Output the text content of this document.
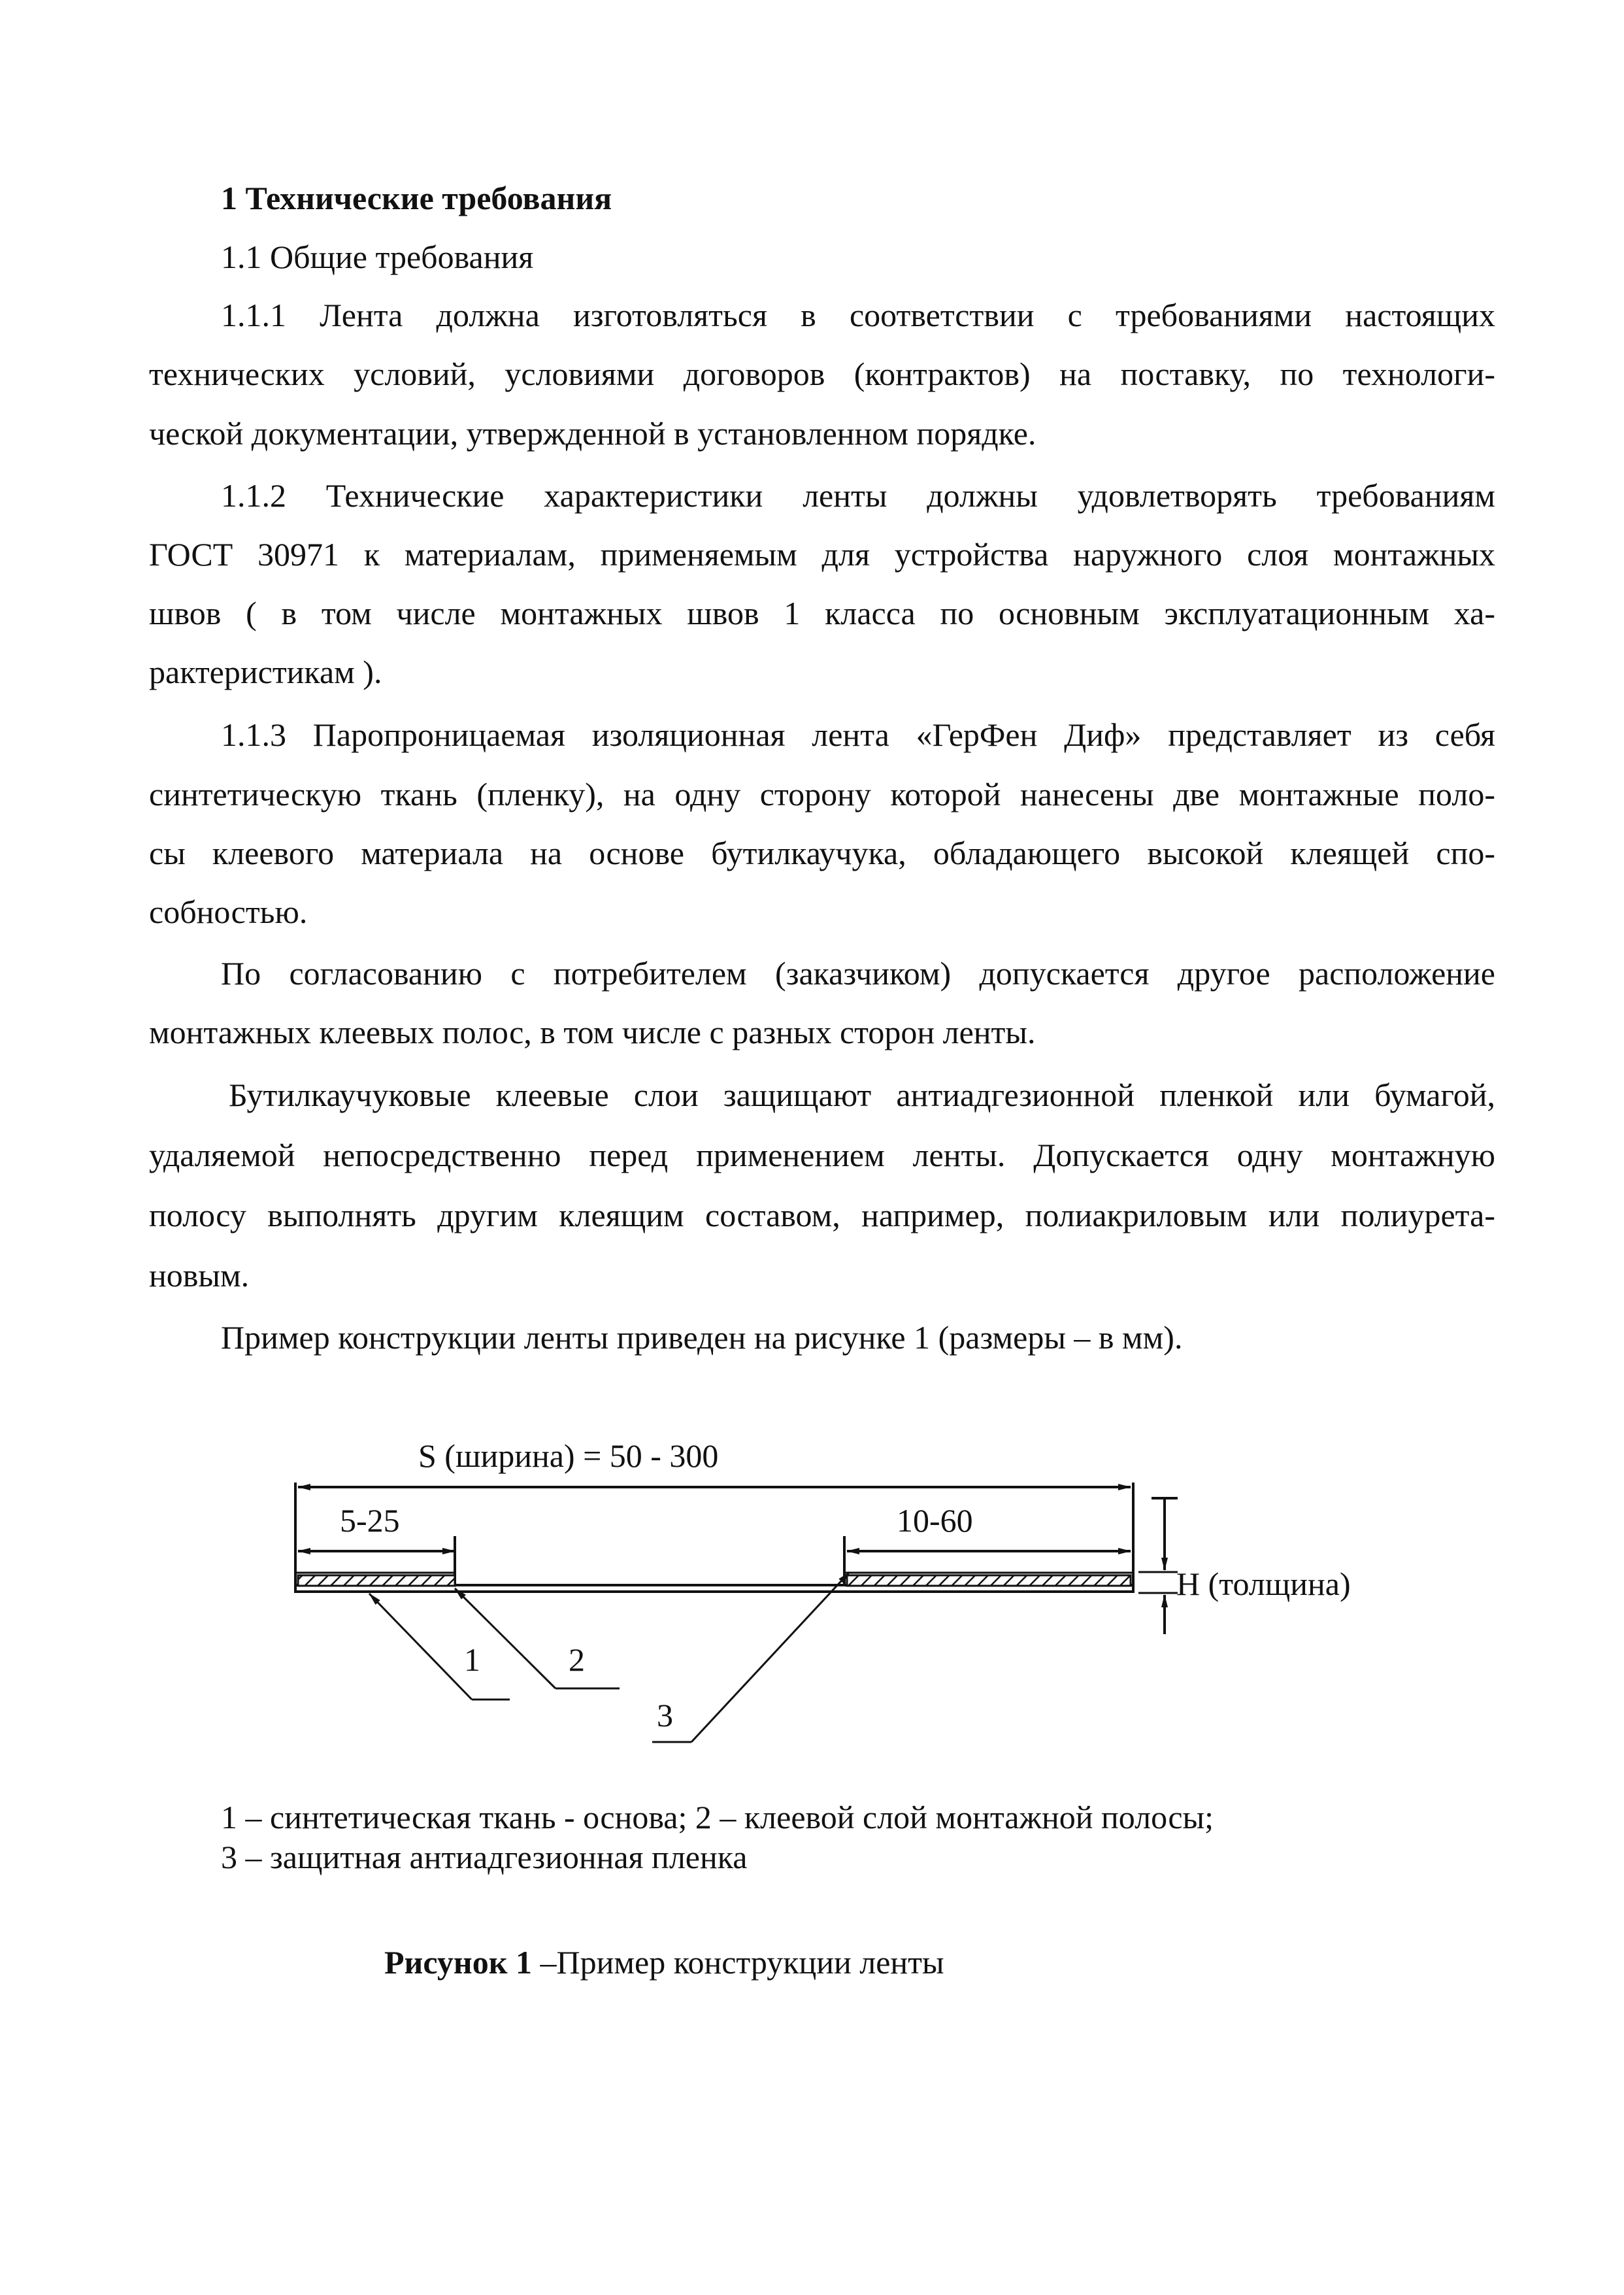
1 Технические требования
1.1 Общие требования
1.1.1 Лента должна изготовляться в соответствии с требованиями настоящих
технических условий, условиями договоров (контрактов) на поставку, по технологи-
ческой документации, утвержденной в установленном порядке.
1.1.2 Технические характеристики ленты должны удовлетворять требованиям
ГОСТ 30971 к материалам, применяемым для устройства наружного слоя монтажных
швов ( в том числе монтажных швов 1 класса по основным эксплуатационным ха-
рактеристикам ).
1.1.3 Паропроницаемая изоляционная лента «ГерФен Диф» представляет из себя
синтетическую ткань (пленку), на одну сторону которой нанесены две монтажные поло-
сы клеевого материала на основе бутилкаучука, обладающего высокой клеящей спо-
собностью.
По согласованию с потребителем (заказчиком) допускается другое расположение
монтажных клеевых полос, в том числе с разных сторон ленты.
Бутилкаучуковые клеевые слои защищают антиадгезионной пленкой или бумагой,
удаляемой непосредственно перед применением ленты. Допускается одну монтажную
полосу выполнять другим клеящим составом, например, полиакриловым или полиурета-
новым.
Пример конструкции ленты приведен на рисунке 1 (размеры – в мм).
S (ширина) = 50 - 300
5-25	10-60
H (толщина)
1	2
3
1 – синтетическая ткань - основа; 2 – клеевой слой монтажной полосы;
3 – защитная антиадгезионная пленка
Рисунок 1 –Пример конструкции ленты
